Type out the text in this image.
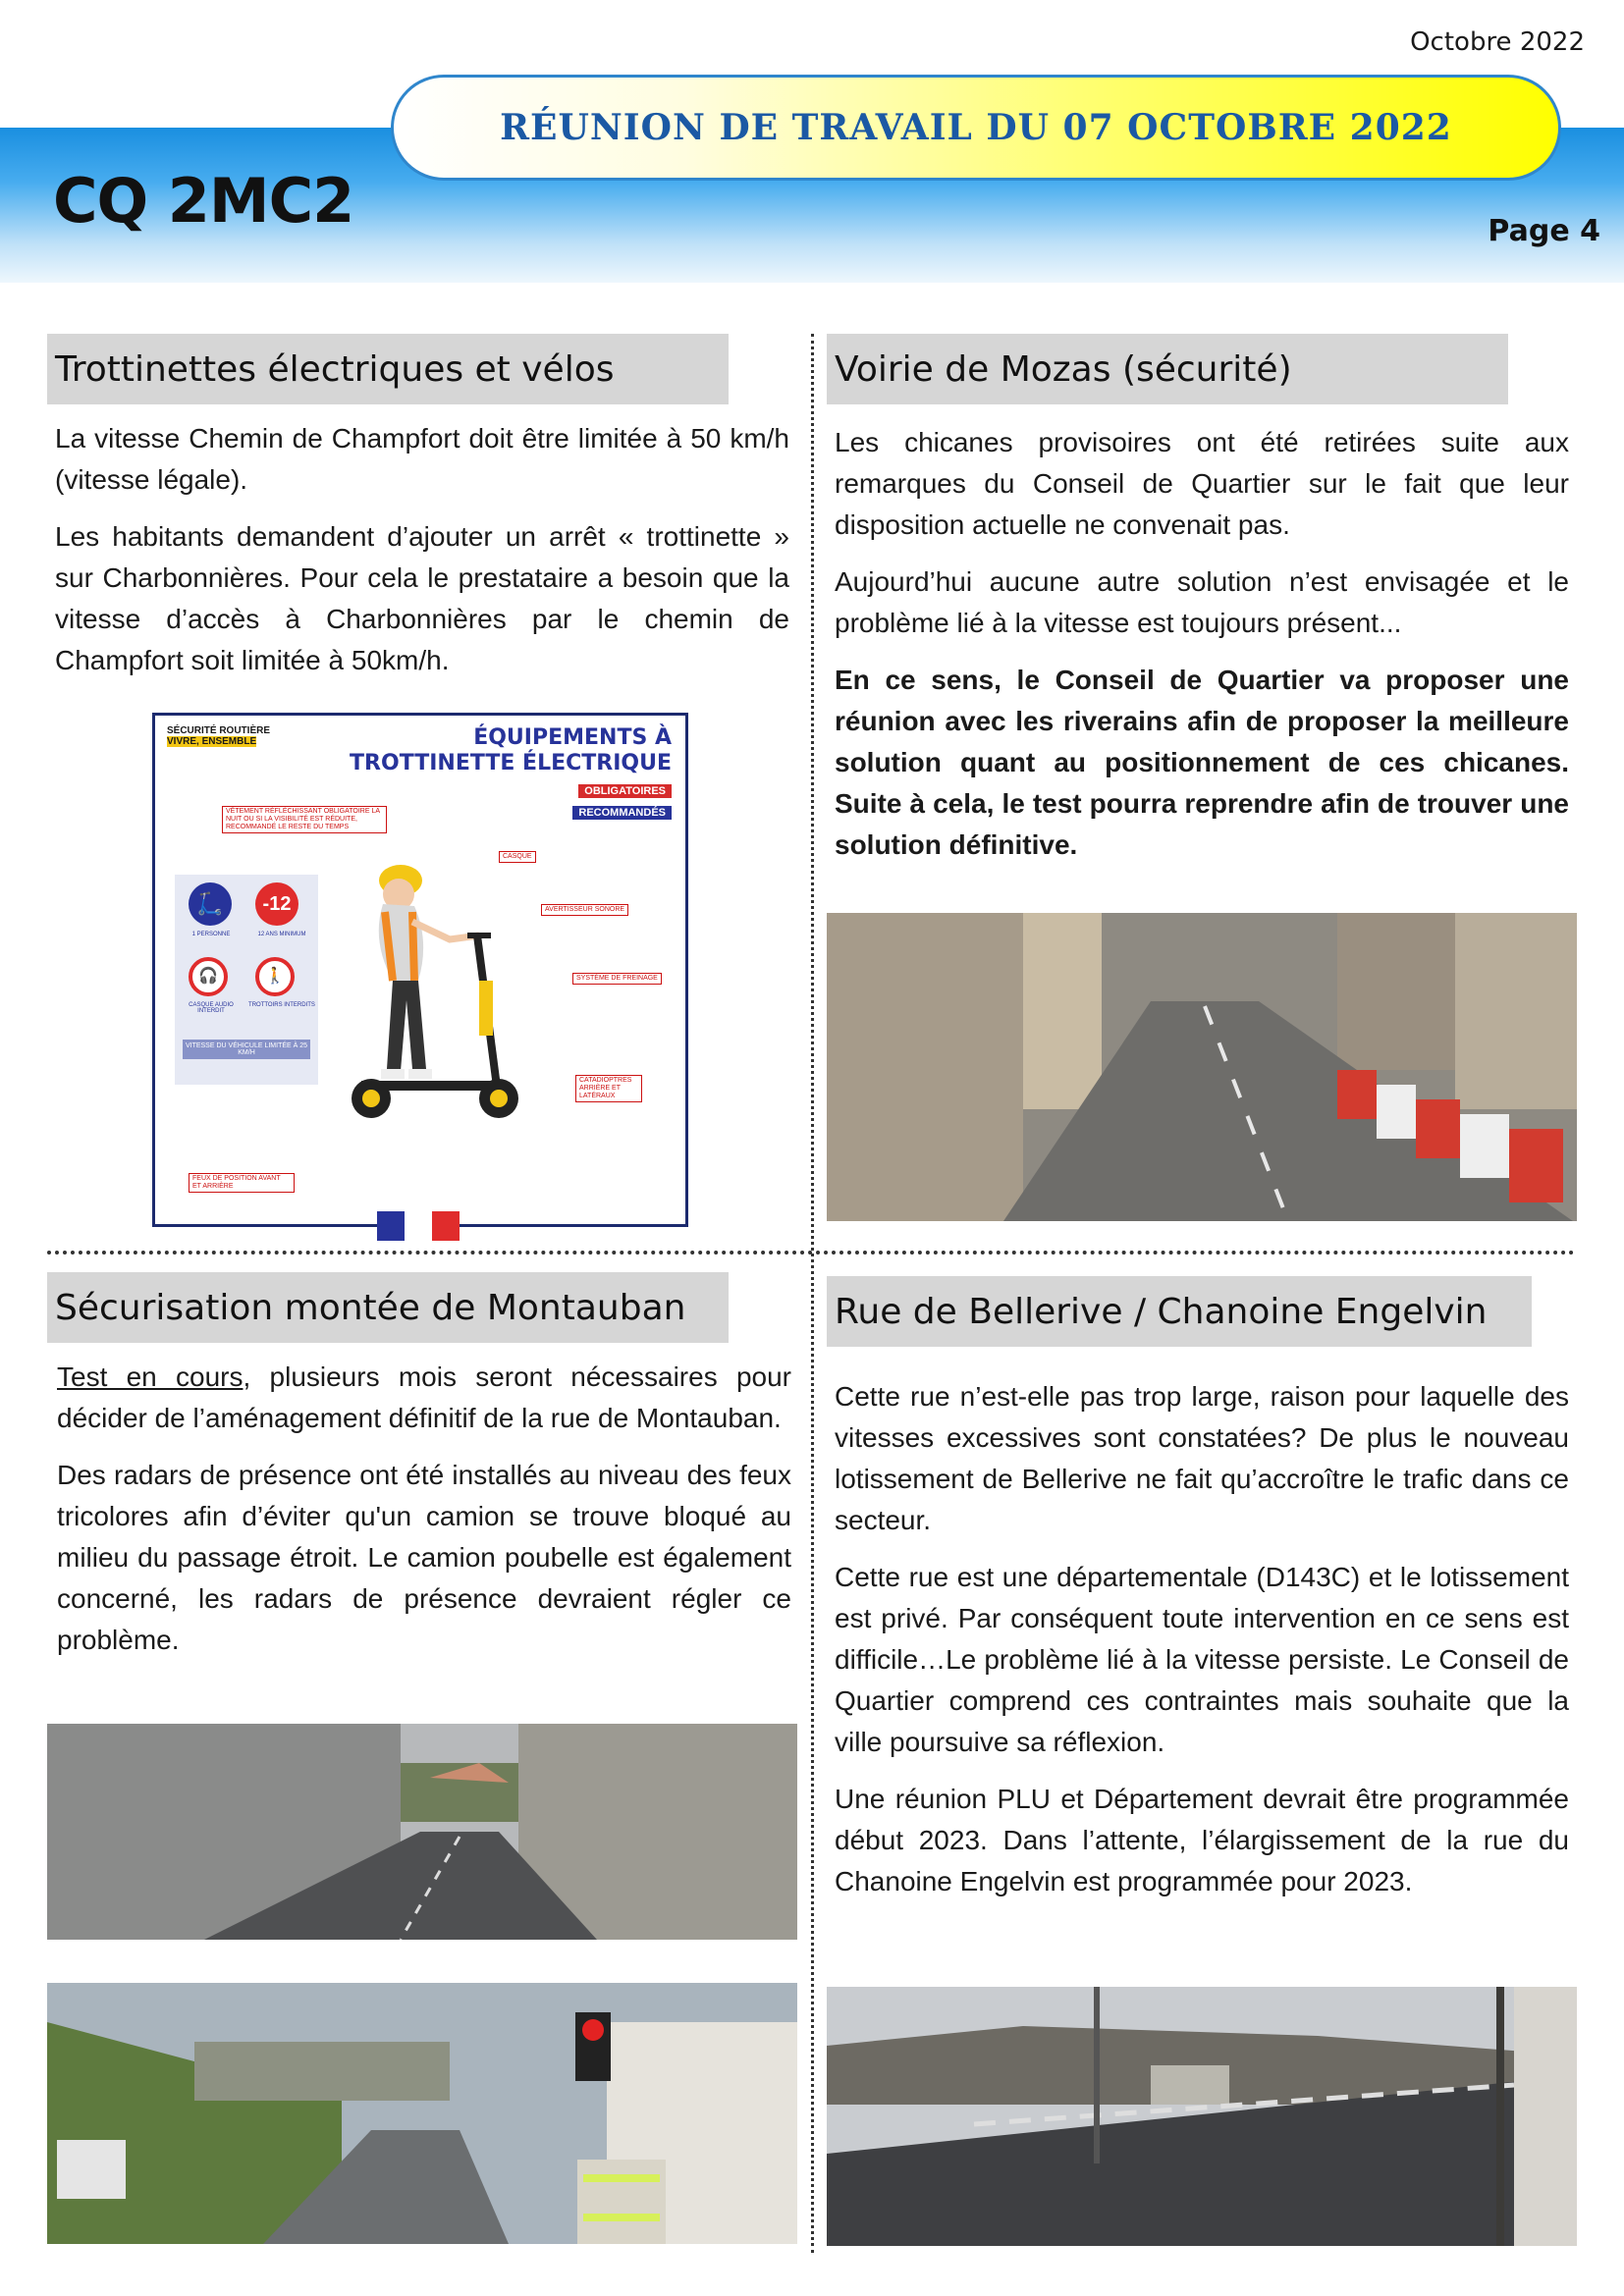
Octobre 2022
RÉUNION DE TRAVAIL DU 07 OCTOBRE 2022
CQ 2MC2	Page 4
Trottinettes électriques et vélos

La vitesse Chemin de Champfort doit être limitée à 50 km/h (vitesse légale).

Les habitants demandent d’ajouter un arrêt « trottinette » sur Charbonnières. Pour cela le prestataire a besoin que la vitesse d’accès à Charbonnières par le chemin de Champfort soit limitée à 50km/h.

SÉCURITÉ ROUTIÈRE
VIVRE, ENSEMBLE	ÉQUIPEMENTS À
TROTTINETTE ÉLECTRIQUE
OBLIGATOIRES
RECOMMANDÉS
VÊTEMENT RÉFLÉCHISSANT OBLIGATOIRE LA NUIT OU SI LA VISIBILITÉ EST RÉDUITE, RECOMMANDÉ LE RESTE DU TEMPS
CASQUE
AVERTISSEUR SONORE
SYSTÈME DE FREINAGE
CATADIOPTRES ARRIÈRE ET LATÉRAUX
FEUX DE POSITION AVANT ET ARRIÈRE
🛴	-12
1 PERSONNE	12 ANS MINIMUM
🎧	🚶
CASQUE AUDIO INTERDIT
TROTTOIRS INTERDITS
VITESSE DU VÉHICULE LIMITÉE À 25 KM/H
Voirie de Mozas (sécurité)

Les chicanes provisoires ont été retirées suite aux remarques du Conseil de Quartier sur le fait que leur disposition actuelle ne convenait pas.

Aujourd’hui aucune autre solution n’est envisagée et le problème lié à la vitesse est toujours présent...

En ce sens, le Conseil de Quartier va proposer une réunion avec les riverains afin de proposer la meilleure solution quant au positionnement de ces chicanes. Suite à cela, le test pourra reprendre afin de trouver une solution définitive.

Sécurisation montée de Montauban

Test en cours, plusieurs mois seront nécessaires pour décider de l’aménagement définitif de la rue de Montauban.

Des radars de présence ont été installés au niveau des feux tricolores afin d’éviter qu'un camion se trouve bloqué au milieu du passage étroit. Le camion poubelle est également concerné, les radars de présence devraient régler ce problème.

Rue de Bellerive / Chanoine Engelvin

Cette rue n’est-elle pas trop large, raison pour laquelle des vitesses excessives sont constatées? De plus le nouveau lotissement de Bellerive ne fait qu’accroître le trafic dans ce secteur.

Cette rue est une départementale (D143C) et le lotissement est privé. Par conséquent toute intervention en ce sens est difficile…Le problème lié à la vitesse persiste. Le Conseil de Quartier comprend ces contraintes mais souhaite que la ville poursuive sa réflexion.

Une réunion PLU et Département devrait être programmée début 2023. Dans l’attente, l’élargissement de la rue du Chanoine Engelvin est programmée pour 2023.
